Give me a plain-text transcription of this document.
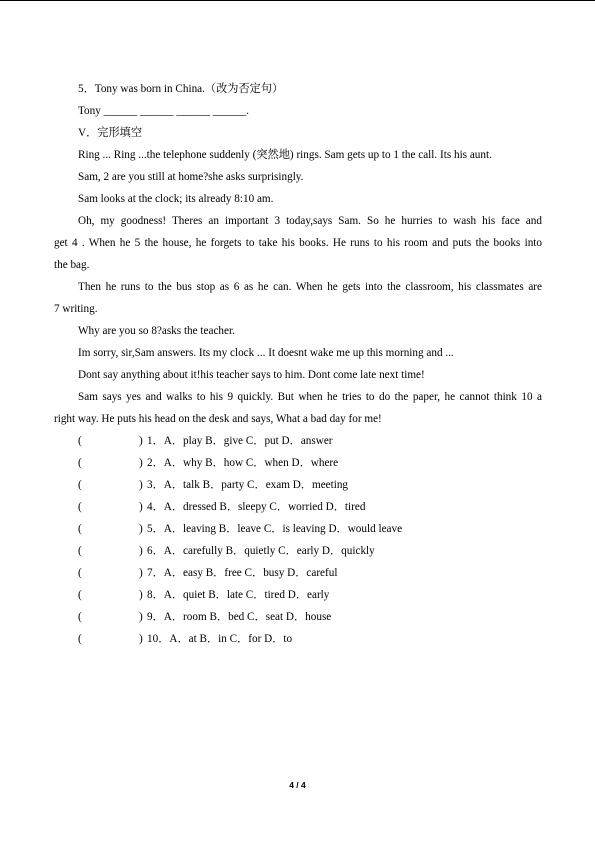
5．Tony was born in China.（改为否定句）
Tony ______ ______ ______ ______.
V．完形填空
Ring ... Ring ...the telephone suddenly (突然地) rings. Sam gets up to 1 the call. Its his aunt.
Sam, 2 are you still at home?she asks surprisingly.
Sam looks at the clock; its already 8:10 am.
Oh, my goodness! Theres an important 3 today,says Sam. So he hurries to wash his face and
get 4 . When he 5 the house, he forgets to take his books. He runs to his room and puts the books into
the bag.
Then he runs to the bus stop as 6 as he can. When he gets into the classroom, his classmates are
7 writing.
Why are you so 8?asks the teacher.
Im sorry, sir,Sam answers. Its my clock ... It doesnt wake me up this morning and ...
Dont say anything about it!his teacher says to him. Dont come late next time!
Sam says yes and walks to his 9 quickly. But when he tries to do the paper, he cannot think 10 a
right way. He puts his head on the desk and says, What a bad day for me!
(	) 1．A．play B．give C．put D．answer
(	) 2．A．why B．how C．when D．where
(	) 3．A．talk B．party C．exam D．meeting
(	) 4．A．dressed B．sleepy C．worried D．tired
(	) 5．A．leaving B．leave C．is leaving D．would leave
(	) 6．A．carefully B．quietly C．early D．quickly
(	) 7．A．easy B．free C．busy D．careful
(	) 8．A．quiet B．late C．tired D．early
(	) 9．A．room B．bed C．seat D．house
(	) 10．A．at B．in C．for D．to
4 / 4
